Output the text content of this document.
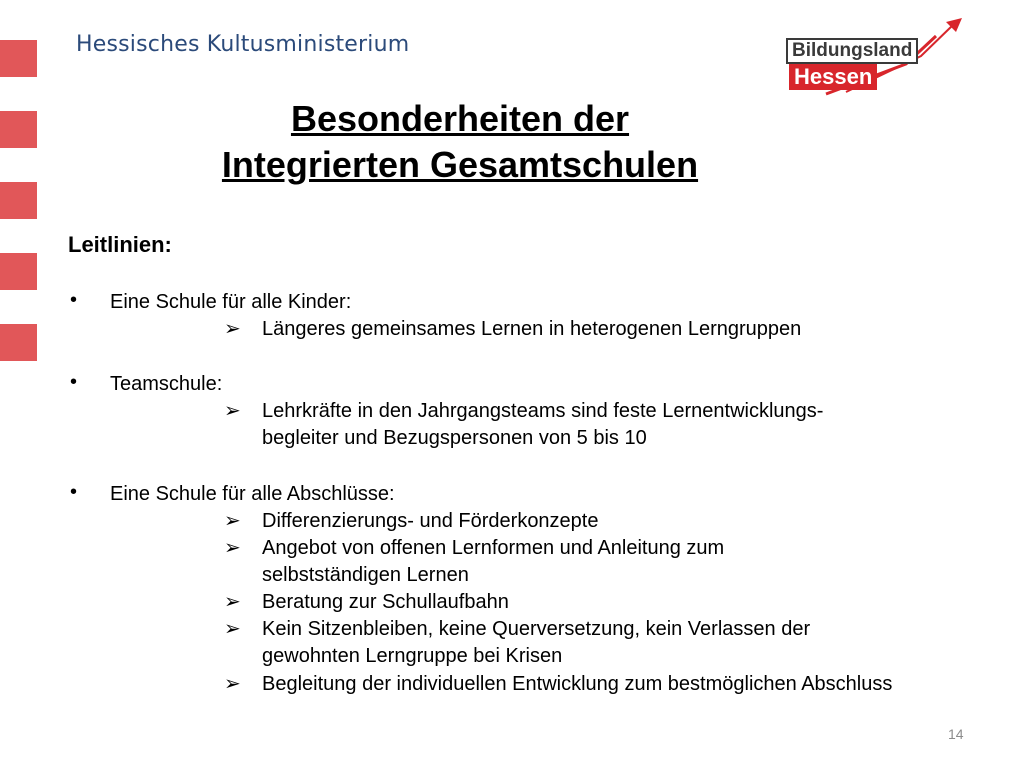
Hessisches Kultusministerium	Bildungsland
Hessen
Besonderheiten der
Integrierten Gesamtschulen
Leitlinien:
• Eine Schule für alle Kinder:
➢ Längeres gemeinsames Lernen in heterogenen Lerngruppen
• Teamschule:
➢ Lehrkräfte in den Jahrgangsteams sind feste Lernentwicklungs-
begleiter und Bezugspersonen von 5 bis 10
• Eine Schule für alle Abschlüsse:
➢ Differenzierungs- und Förderkonzepte
➢ Angebot von offenen Lernformen und Anleitung zum
selbstständigen Lernen
➢ Beratung zur Schullaufbahn
➢ Kein Sitzenbleiben, keine Querversetzung, kein Verlassen der
gewohnten Lerngruppe bei Krisen
➢ Begleitung der individuellen Entwicklung zum bestmöglichen Abschluss
14
